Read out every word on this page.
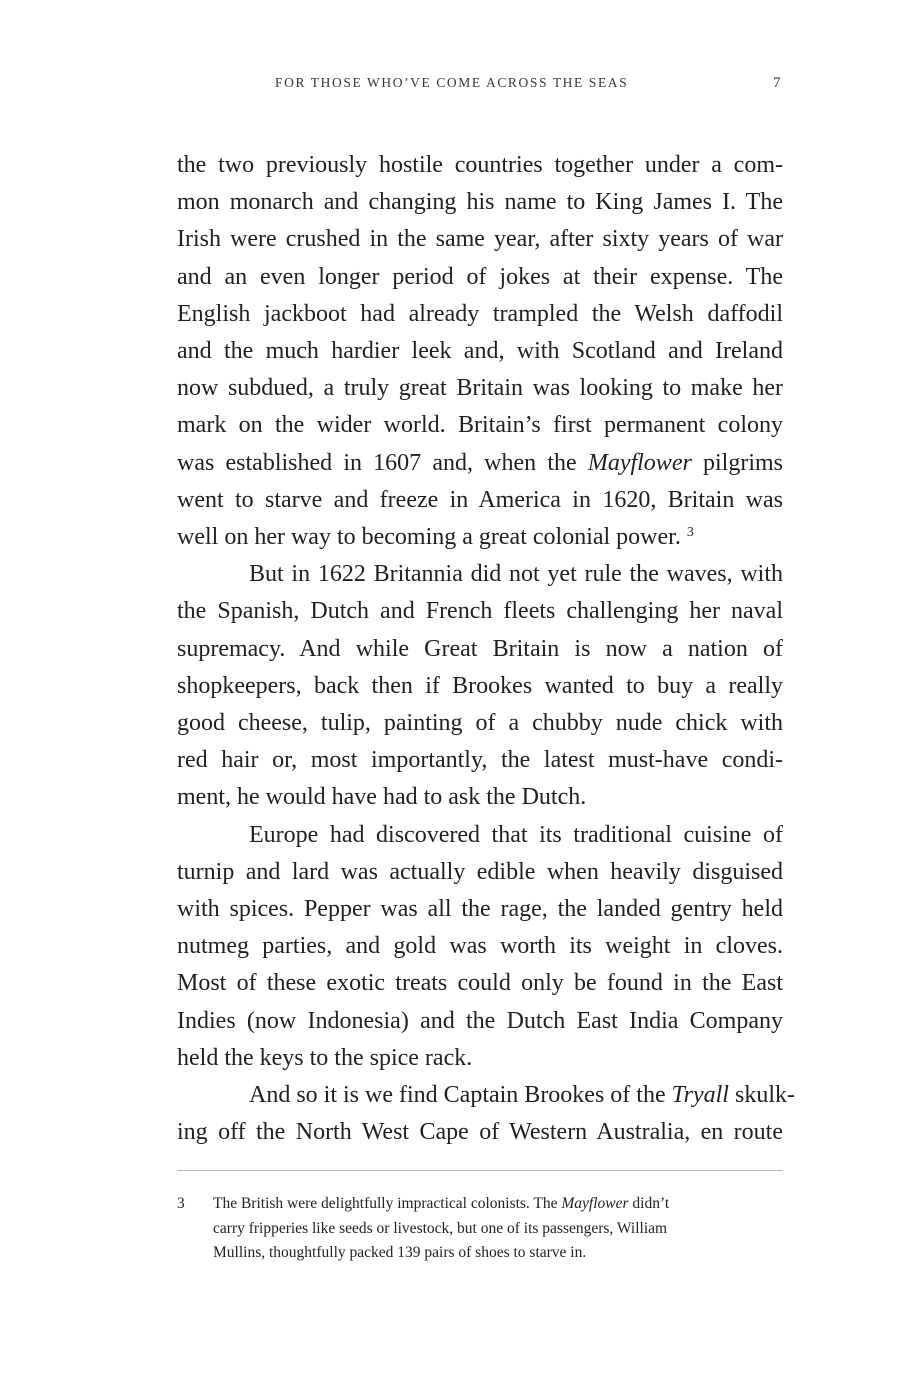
FOR THOSE WHO’VE COME ACROSS THE SEAS	7
the two previously hostile countries together under a com-
mon monarch and changing his name to King James I. The
Irish were crushed in the same year, after sixty years of war
and an even longer period of jokes at their expense. The
English jackboot had already trampled the Welsh daffodil
and the much hardier leek and, with Scotland and Ireland
now subdued, a truly great Britain was looking to make her
mark on the wider world. Britain’s first permanent colony
was established in 1607 and, when the Mayflower pilgrims
went to starve and freeze in America in 1620, Britain was
well on her way to becoming a great colonial power. $^3$
But in 1622 Britannia did not yet rule the waves, with
the Spanish, Dutch and French fleets challenging her naval
supremacy. And while Great Britain is now a nation of
shopkeepers, back then if Brookes wanted to buy a really
good cheese, tulip, painting of a chubby nude chick with
red hair or, most importantly, the latest must-have condi-
ment, he would have had to ask the Dutch.
Europe had discovered that its traditional cuisine of
turnip and lard was actually edible when heavily disguised
with spices. Pepper was all the rage, the landed gentry held
nutmeg parties, and gold was worth its weight in cloves.
Most of these exotic treats could only be found in the East
Indies (now Indonesia) and the Dutch East India Company
held the keys to the spice rack.
And so it is we find Captain Brookes of the Tryall skulk-
ing off the North West Cape of Western Australia, en route
3 The British were delightfully impractical colonists. The Mayflower didn’t
carry fripperies like seeds or livestock, but one of its passengers, William
Mullins, thoughtfully packed 139 pairs of shoes to starve in.
